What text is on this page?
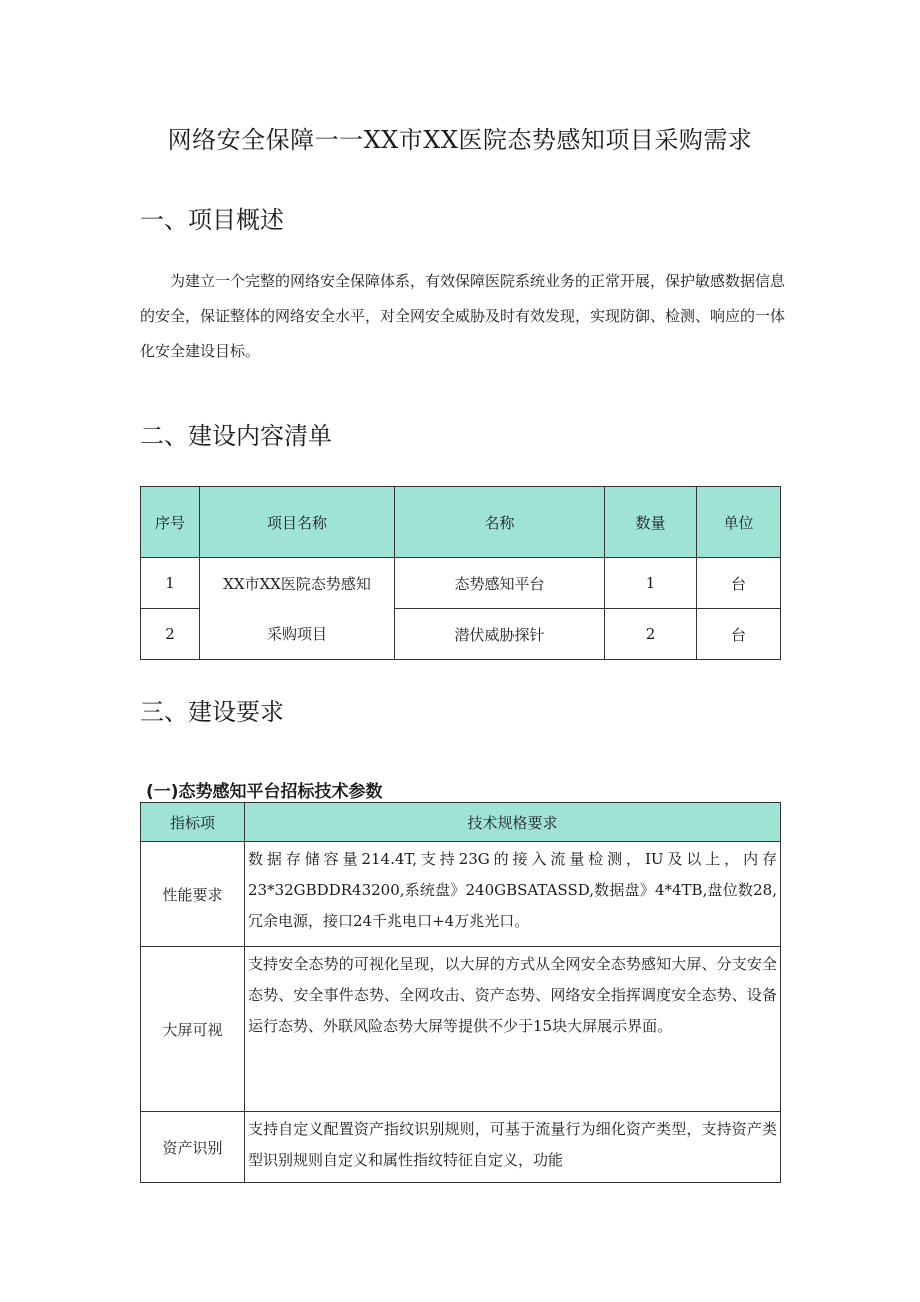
网络安全保障一一XX市XX医院态势感知项目采购需求
一、项目概述
为建立一个完整的网络安全保障体系，有效保障医院系统业务的正常开展，保护敏感数据信息的安全，保证整体的网络安全水平，对全网安全威胁及时有效发现，实现防御、检测、响应的一体化安全建设目标。
二、建设内容清单
序号	项目名称	名称	数量	单位
1	XX市XX医院态势感知	态势感知平台	1	台
2	采购项目	潜伏威胁探针	2	台
三、建设要求
(一)态势感知平台招标技术参数
指标项	技术规格要求
性能要求	数据存储容量214.4T,支持23G的接入流量检测，IU及以上，内存23*32GBDDR43200,系统盘》240GBSATASSD,数据盘》4*4TB,盘位数28,冗余电源，接口24千兆电口+4万兆光口。
大屏可视	支持安全态势的可视化呈现，以大屏的方式从全网安全态势感知大屏、分支安全态势、安全事件态势、全网攻击、资产态势、网络安全指挥调度安全态势、设备运行态势、外联风险态势大屏等提供不少于15块大屏展示界面。
资产识别	支持自定义配置资产指纹识别规则，可基于流量行为细化资产类型，支持资产类型识别规则自定义和属性指纹特征自定义，功能
